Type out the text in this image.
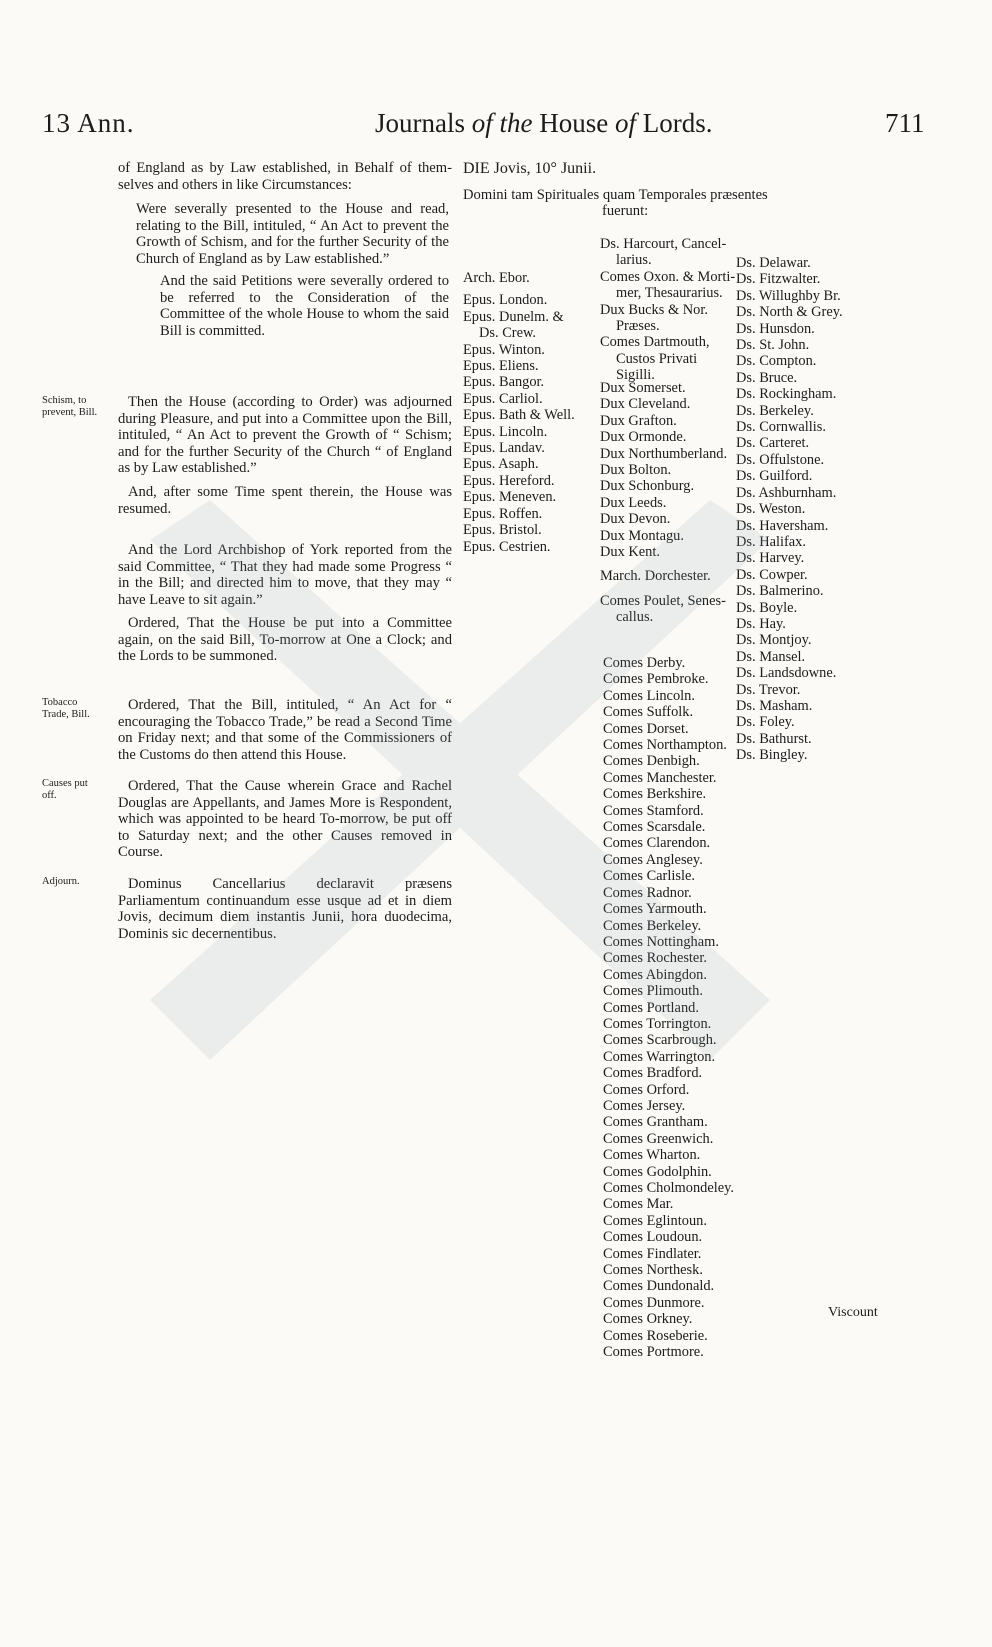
13 Ann.	Journals of the House of Lords.	711

of England as by Law established, in Behalf of them-

selves and others in like Circumstances:

Were severally presented to the House and read, relating to the Bill, intituled, “ An Act to prevent the Growth of Schism, and for the further Security of the Church of England as by Law established.”

And the said Petitions were severally ordered to be referred to the Consideration of the Committee of the whole House to whom the said Bill is committed.

Then the House (according to Order) was adjourned during Pleasure, and put into a Committee upon the Bill, intituled, “ An Act to prevent the Growth of “ Schism; and for the further Security of the Church “ of England as by Law established.”

And, after some Time spent therein, the House was resumed.

And the Lord Archbishop of York reported from the said Committee, “ That they had made some Progress “ in the Bill; and directed him to move, that they may “ have Leave to sit again.”

Ordered, That the House be put into a Committee again, on the said Bill, To-morrow at One a Clock; and the Lords to be summoned.

Ordered, That the Bill, intituled, “ An Act for “ encouraging the Tobacco Trade,” be read a Second Time on Friday next; and that some of the Commissioners of the Customs do then attend this House.

Ordered, That the Cause wherein Grace and Rachel Douglas are Appellants, and James More is Respondent, which was appointed to be heard To-morrow, be put off to Saturday next; and the other Causes removed in Course.

Dominus Cancellarius declaravit præsens Parliamentum continuandum esse usque ad et in diem Jovis, decimum diem instantis Junii, hora duodecima, Dominis sic decernentibus.

Schism, to prevent, Bill.
Tobacco Trade, Bill.
Causes put off.
Adjourn.
DIE Jovis, 10° Junii.
Domini tam Spirituales quam Temporales præsentes
fuerunt:
Arch. Ebor.
Epus. London.
Epus. Dunelm. &
Ds. Crew.
Epus. Winton.
Epus. Eliens.
Epus. Bangor.
Epus. Carliol.
Epus. Bath & Well.
Epus. Lincoln.
Epus. Landav.
Epus. Asaph.
Epus. Hereford.
Epus. Meneven.
Epus. Roffen.
Epus. Bristol.
Epus. Cestrien.
Ds. Harcourt, Cancel-
larius.
Comes Oxon. & Morti-
mer, Thesaurarius.
Dux Bucks & Nor.
Præses.
Comes Dartmouth,
Custos Privati
Sigilli.
Dux Somerset.
Dux Cleveland.
Dux Grafton.
Dux Ormonde.
Dux Northumberland.
Dux Bolton.
Dux Schonburg.
Dux Leeds.
Dux Devon.
Dux Montagu.
Dux Kent.
March. Dorchester.
Comes Poulet, Senes-
callus.
Comes Derby.
Comes Pembroke.
Comes Lincoln.
Comes Suffolk.
Comes Dorset.
Comes Northampton.
Comes Denbigh.
Comes Manchester.
Comes Berkshire.
Comes Stamford.
Comes Scarsdale.
Comes Clarendon.
Comes Anglesey.
Comes Carlisle.
Comes Radnor.
Comes Yarmouth.
Comes Berkeley.
Comes Nottingham.
Comes Rochester.
Comes Abingdon.
Comes Plimouth.
Comes Portland.
Comes Torrington.
Comes Scarbrough.
Comes Warrington.
Comes Bradford.
Comes Orford.
Comes Jersey.
Comes Grantham.
Comes Greenwich.
Comes Wharton.
Comes Godolphin.
Comes Cholmondeley.
Comes Mar.
Comes Eglintoun.
Comes Loudoun.
Comes Findlater.
Comes Northesk.
Comes Dundonald.
Comes Dunmore.
Comes Orkney.
Comes Roseberie.
Comes Portmore.
Ds. Delawar.
Ds. Fitzwalter.
Ds. Willughby Br.
Ds. North & Grey.
Ds. Hunsdon.
Ds. St. John.
Ds. Compton.
Ds. Bruce.
Ds. Rockingham.
Ds. Berkeley.
Ds. Cornwallis.
Ds. Carteret.
Ds. Offulstone.
Ds. Guilford.
Ds. Ashburnham.
Ds. Weston.
Ds. Haversham.
Ds. Halifax.
Ds. Harvey.
Ds. Cowper.
Ds. Balmerino.
Ds. Boyle.
Ds. Hay.
Ds. Montjoy.
Ds. Mansel.
Ds. Landsdowne.
Ds. Trevor.
Ds. Masham.
Ds. Foley.
Ds. Bathurst.
Ds. Bingley.
Viscount
